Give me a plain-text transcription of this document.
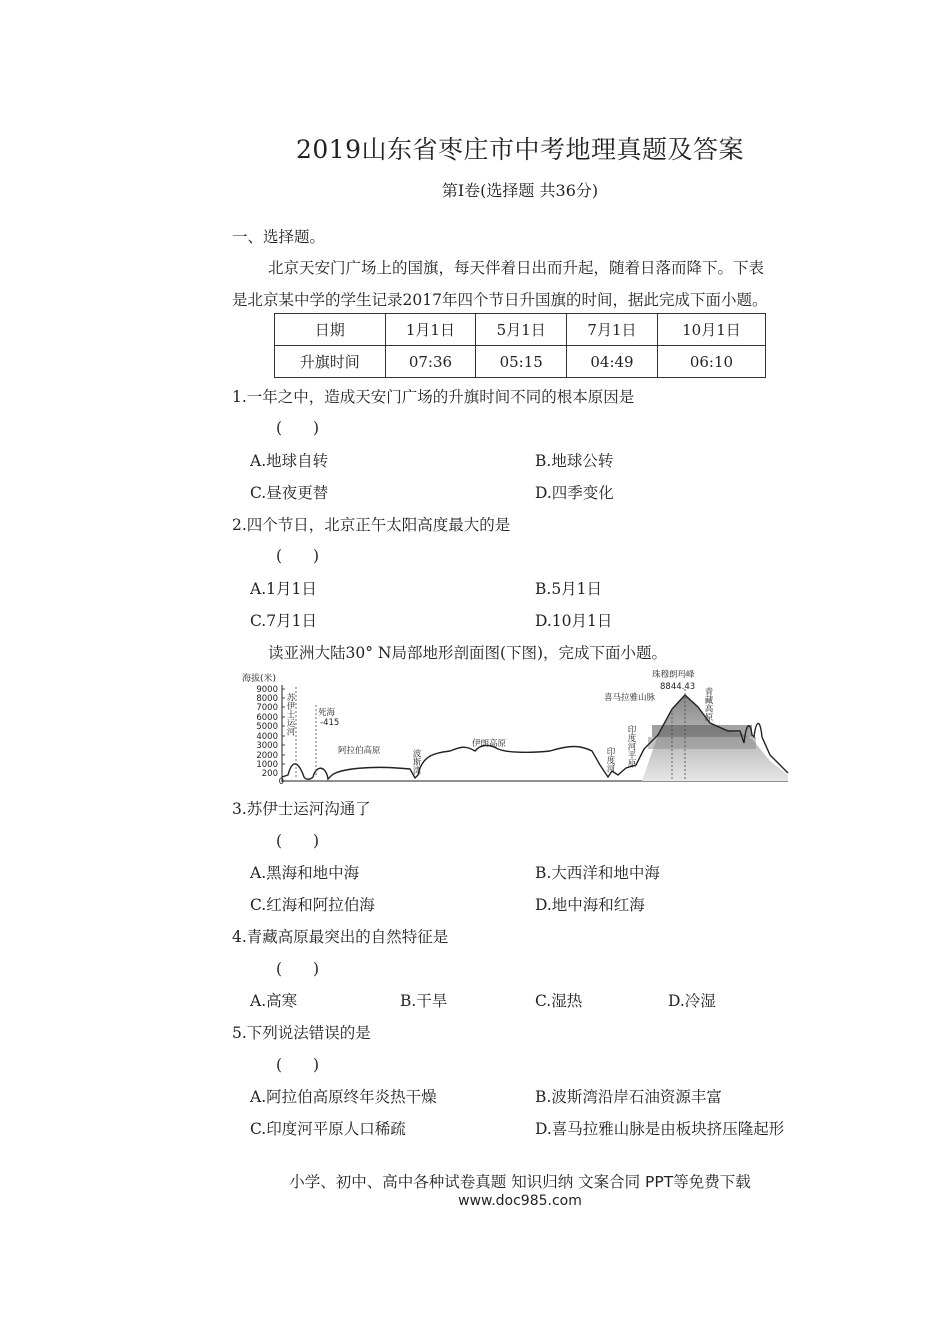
2019山东省枣庄市中考地理真题及答案
第Ⅰ卷(选择题 共36分)
一、选择题。
北京天安门广场上的国旗，每天伴着日出而升起，随着日落而降下。下表
是北京某中学的学生记录2017年四个节日升国旗的时间，据此完成下面小题。
日期	1月1日	5月1日	7月1日	10月1日
升旗时间	07:36	05:15	04:49	06:10
1.一年之中，造成天安门广场的升旗时间不同的根本原因是
(　　)
A.地球自转	B.地球公转
C.昼夜更替	D.四季变化
2.四个节日，北京正午太阳高度最大的是
(　　)
A.1月1日	B.5月1日
C.7月1日	D.10月1日
读亚洲大陆30° N局部地形剖面图(下图)，完成下面小题。
海拔(米)
9000
8000
7000
6000
5000
4000
3000
2000
1000
200
0
苏伊士运河	死海
-415
阿拉伯高原	波斯湾
伊朗高原
印度河 印度河平原
喜马拉雅山脉
珠穆朗玛峰
8844.43 青藏高原
3.苏伊士运河沟通了
(　　)
A.黑海和地中海	B.大西洋和地中海
C.红海和阿拉伯海	D.地中海和红海
4.青藏高原最突出的自然特征是
(　　)
A.高寒	B.干旱	C.湿热	D.冷湿
5.下列说法错误的是
(　　)
A.阿拉伯高原终年炎热干燥	B.波斯湾沿岸石油资源丰富
C.印度河平原人口稀疏	D.喜马拉雅山脉是由板块挤压隆起形
小学、初中、高中各种试卷真题 知识归纳 文案合同 PPT等免费下载
www.doc985.com
